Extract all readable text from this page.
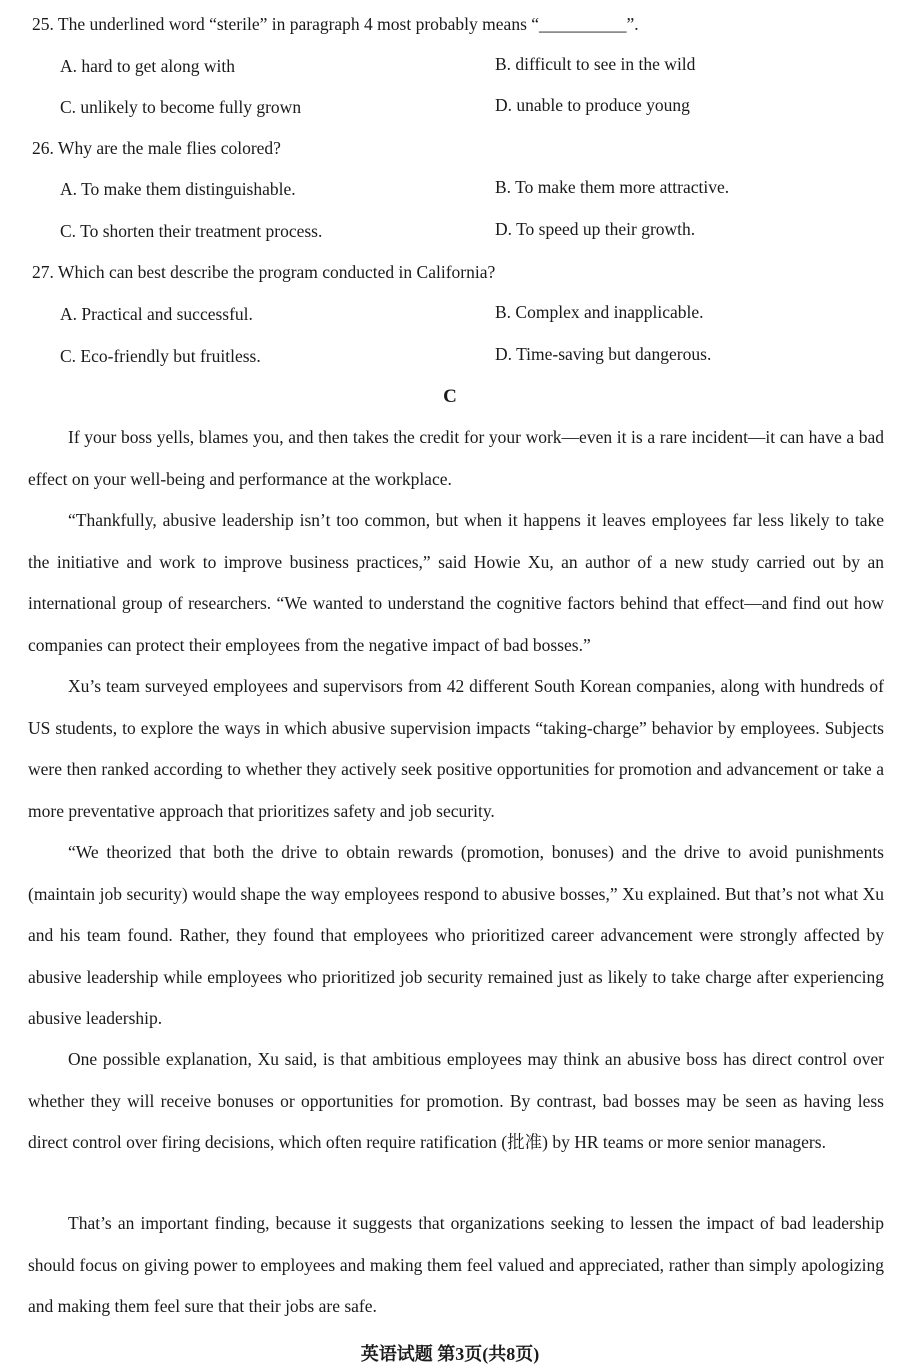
25. The underlined word “sterile” in paragraph 4 most probably means “__________”.
A. hard to get along with	B. difficult to see in the wild
C. unlikely to become fully grown	D. unable to produce young
26. Why are the male flies colored?
A. To make them distinguishable.	B. To make them more attractive.
C. To shorten their treatment process.	D. To speed up their growth.
27. Which can best describe the program conducted in California?
A. Practical and successful.	B. Complex and inapplicable.
C. Eco-friendly but fruitless.	D. Time-saving but dangerous.
C

If your boss yells, blames you, and then takes the credit for your work—even it is a rare incident—it can have a bad effect on your well-being and performance at the workplace.

“Thankfully, abusive leadership isn’t too common, but when it happens it leaves employees far less likely to take the initiative and work to improve business practices,” said Howie Xu, an author of a new study carried out by an international group of researchers. “We wanted to understand the cognitive factors behind that effect—and find out how companies can protect their employees from the negative impact of bad bosses.”

Xu’s team surveyed employees and supervisors from 42 different South Korean companies, along with hundreds of US students, to explore the ways in which abusive supervision impacts “taking-charge” behavior by employees. Subjects were then ranked according to whether they actively seek positive opportunities for promotion and advancement or take a more preventative approach that prioritizes safety and job security.

“We theorized that both the drive to obtain rewards (promotion, bonuses) and the drive to avoid punishments (maintain job security) would shape the way employees respond to abusive bosses,” Xu explained. But that’s not what Xu and his team found. Rather, they found that employees who prioritized career advancement were strongly affected by abusive leadership while employees who prioritized job security remained just as likely to take charge after experiencing abusive leadership.

One possible explanation, Xu said, is that ambitious employees may think an abusive boss has direct control over whether they will receive bonuses or opportunities for promotion. By contrast, bad bosses may be seen as having less direct control over firing decisions, which often require ratification (批准) by HR teams or more senior managers.

That’s an important finding, because it suggests that organizations seeking to lessen the impact of bad leadership should focus on giving power to employees and making them feel valued and appreciated, rather than simply apologizing and making them feel sure that their jobs are safe.

英语试题 第3页(共8页)
